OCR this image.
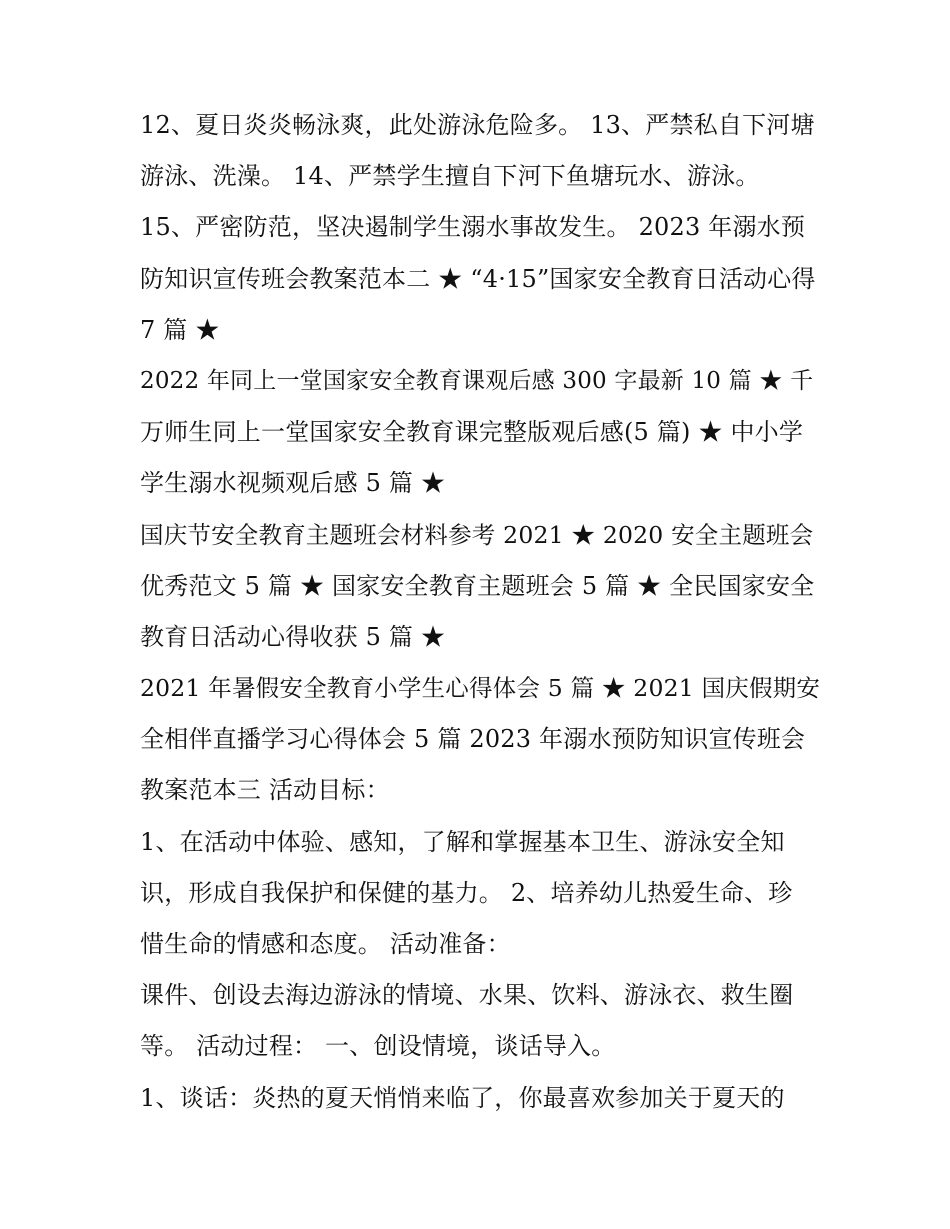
12、夏日炎炎畅泳爽，此处游泳危险多。 13、严禁私自下河塘
游泳、洗澡。 14、严禁学生擅自下河下鱼塘玩水、游泳。
15、严密防范，坚决遏制学生溺水事故发生。 2023 年溺水预
防知识宣传班会教案范本二 ★ “4·15”国家安全教育日活动心得
7 篇 ★
2022 年同上一堂国家安全教育课观后感 300 字最新 10 篇 ★ 千
万师生同上一堂国家安全教育课完整版观后感(5 篇) ★ 中小学
学生溺水视频观后感 5 篇 ★
国庆节安全教育主题班会材料参考 2021 ★ 2020 安全主题班会
优秀范文 5 篇 ★ 国家安全教育主题班会 5 篇 ★ 全民国家安全
教育日活动心得收获 5 篇 ★
2021 年暑假安全教育小学生心得体会 5 篇 ★ 2021 国庆假期安
全相伴直播学习心得体会 5 篇 2023 年溺水预防知识宣传班会
教案范本三 活动目标：
1、在活动中体验、感知，了解和掌握基本卫生、游泳安全知
识，形成自我保护和保健的基力。 2、培养幼儿热爱生命、珍
惜生命的情感和态度。 活动准备：
课件、创设去海边游泳的情境、水果、饮料、游泳衣、救生圈
等。 活动过程： 一、创设情境，谈话导入。
1、谈话：炎热的夏天悄悄来临了，你最喜欢参加关于夏天的
